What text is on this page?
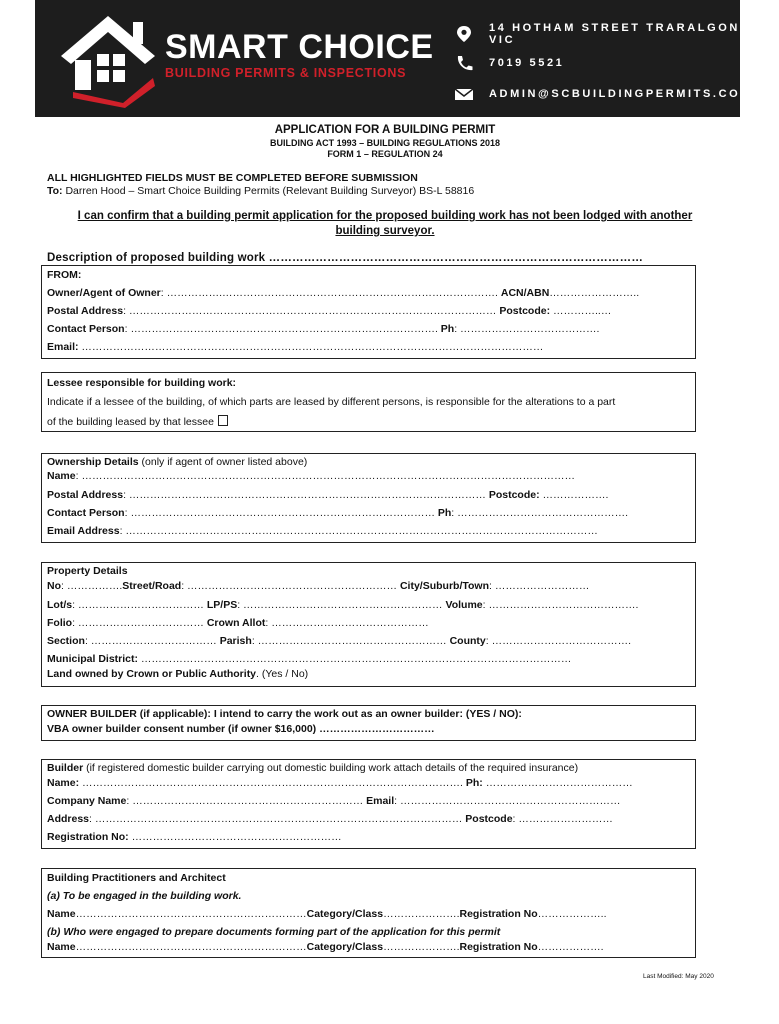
SMART CHOICE
BUILDING PERMITS & INSPECTIONS
14 HOTHAM STREET TRARALGON VIC
7019 5521
ADMIN@SCBUILDINGPERMITS.COM.AU
APPLICATION FOR A BUILDING PERMIT
BUILDING ACT 1993 – BUILDING REGULATIONS 2018
FORM 1 – REGULATION 24
ALL HIGHLIGHTED FIELDS MUST BE COMPLETED BEFORE SUBMISSION
To: Darren Hood – Smart Choice Building Permits (Relevant Building Surveyor) BS-L 58816
I can confirm that a building permit application for the proposed building work has not been lodged with another building surveyor.
Description of proposed building work ……………………………………………………………………………………
FROM:
Owner/Agent of Owner: …………….……………………………………………………………………. ACN/ABN……………………..
Postal Address: …………………………………………………………………………………………… Postcode: …………..…
Contact Person: ……………………………………………………………………………. Ph: ………………………………….
Email: ……………………………………………………………………………………………………………………
Lessee responsible for building work:
Indicate if a lessee of the building, of which parts are leased by different persons, is responsible for the alterations to a part
of the building leased by that lessee
Ownership Details (only if agent of owner listed above)
Name: ……………………………………………………………………………………………………………………………
Postal Address: ………………………………………………………………………………………… Postcode: ……………….
Contact Person: …………………………………………………………………………… Ph: ………………………………………….
Email Address: ………………………………………………………………………………………………………………………
Property Details
No: …………….Street/Road: …………………………………………………… City/Suburb/Town: ………………………
Lot/s: ……………………………… LP/PS: ………………………………………………… Volume: …………………………………….
Folio: ……………………………… Crown Allot: ………………………………………
Section: ……………………………… Parish: ……………………………………………… County: ………………………………….
Municipal District: ……………………………………………………………………………………………………………
Land owned by Crown or Public Authority. (Yes / No)
OWNER BUILDER (if applicable): I intend to carry the work out as an owner builder: (YES / NO):
VBA owner builder consent number (if owner $16,000) ……………………………
Builder (if registered domestic builder carrying out domestic building work attach details of the required insurance)
Name: ………………………………………………………………………………………………. Ph: ……………………………………
Company Name: ………………………………………………………… Email: ………………………………………………………
Address: …………………………………………………………………………………………… Postcode: ………………………
Registration No: ……………………………………………………
Building Practitioners and Architect
(a) To be engaged in the building work.
Name…………………………………………………………Category/Class………………….Registration No………………..
(b) Who were engaged to prepare documents forming part of the application for this permit
Name…………………………………………………………Category/Class………………….Registration No……………….
Last Modified: May 2020
